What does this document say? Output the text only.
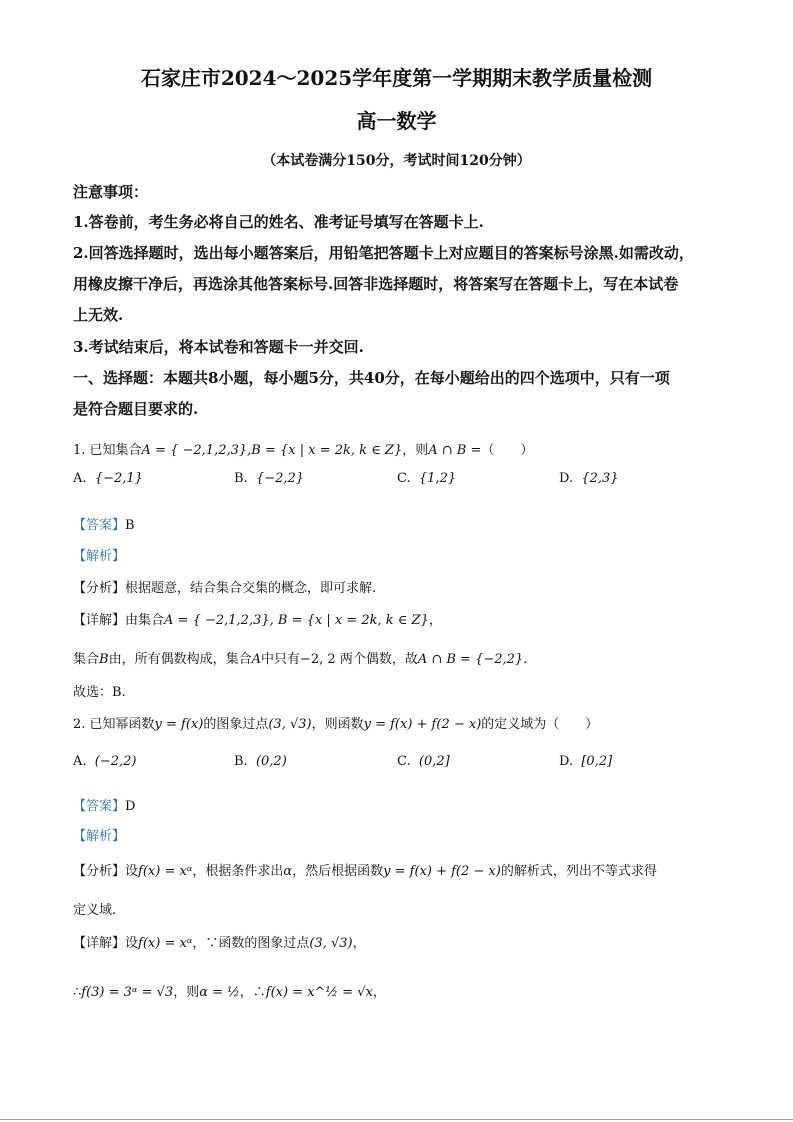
石家庄市2024～2025学年度第一学期期末教学质量检测
高一数学
（本试卷满分150分，考试时间120分钟）
注意事项：
1.答卷前，考生务必将自己的姓名、准考证号填写在答题卡上.
2.回答选择题时，选出每小题答案后，用铅笔把答题卡上对应题目的答案标号涂黑.如需改动，
用橡皮擦干净后，再选涂其他答案标号.回答非选择题时，将答案写在答题卡上，写在本试卷
上无效.
3.考试结束后，将本试卷和答题卡一并交回.
一、选择题：本题共8小题，每小题5分，共40分，在每小题给出的四个选项中，只有一项
是符合题目要求的.
1. 已知集合A = { −2,1,2,3},B = {x | x = 2k, k ∈ Z}，则A ∩ B =（　　）
A. {−2,1}	B. {−2,2}	C. {1,2}	D. {2,3}
【答案】B
【解析】
【分析】根据题意，结合集合交集的概念，即可求解.
【详解】由集合A = { −2,1,2,3}, B = {x | x = 2k, k ∈ Z}，
集合B由，所有偶数构成，集合A中只有−2, 2 两个偶数，故A ∩ B = {−2,2}.
故选：B.
2. 已知幂函数y = f(x)的图象过点(3, √3)，则函数y = f(x) + f(2 − x)的定义域为（　　）
A. (−2,2)	B. (0,2)	C. (0,2]	D. [0,2]
【答案】D
【解析】
【分析】设f(x) = xᵅ，根据条件求出α，然后根据函数y = f(x) + f(2 − x)的解析式，列出不等式求得
定义域.
【详解】设f(x) = xᵅ，∵函数的图象过点(3, √3)，
∴f(3) = 3ᵅ = √3，则α = ½，∴f(x) = x^½ = √x，
